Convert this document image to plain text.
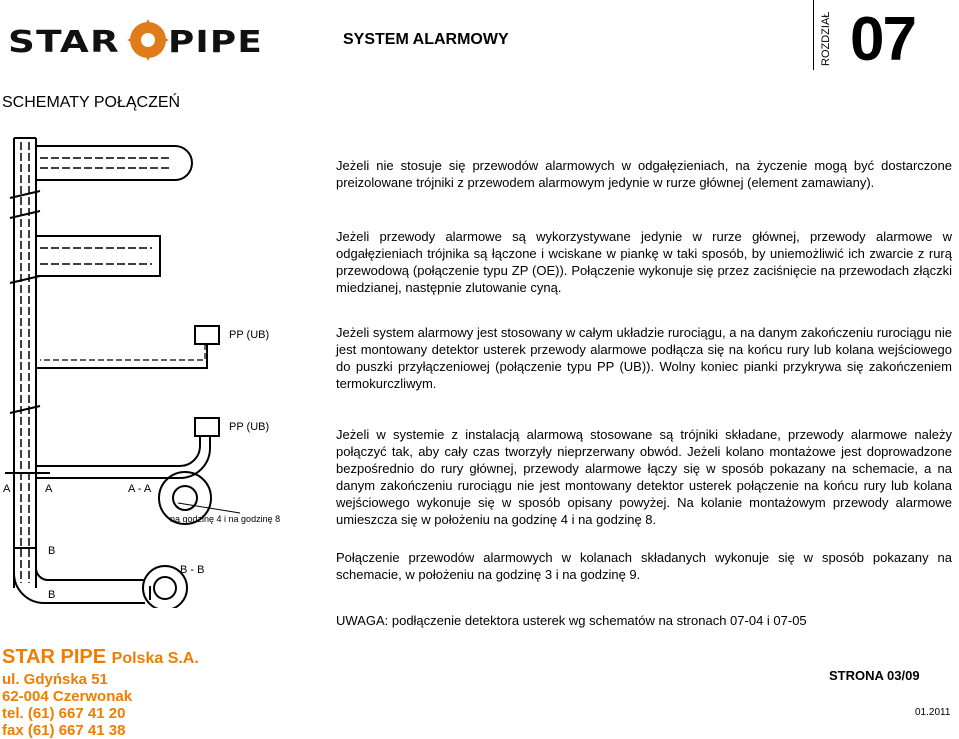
STAR PIPE	SYSTEM ALARMOWY	ROZDZIAŁ 07
SCHEMATY POŁĄCZEŃ
PP (UB)
PP (UB)
A	A	A - A
na godzinę 4 i na godzinę 8
B
B
B - B
Jeżeli nie stosuje się przewodów alarmowych w odgałęzieniach, na życzenie mogą być dostarczone preizolowane trójniki z przewodem alarmowym jedynie w rurze głównej (element zamawiany).
Jeżeli przewody alarmowe są wykorzystywane jedynie w rurze głównej, przewody alarmowe w odgałęzieniach trójnika są łączone i wciskane w piankę w taki sposób, by uniemożliwić ich zwarcie z rurą przewodową (połączenie typu ZP (OE)). Połączenie wykonuje się przez zaciśnięcie na przewodach złączki miedzianej, następnie zlutowanie cyną.
Jeżeli system alarmowy jest stosowany w całym układzie rurociągu, a na danym zakończeniu rurociągu nie jest montowany detektor usterek przewody alarmowe podłącza się na końcu rury lub kolana wejściowego do puszki przyłączeniowej (połączenie typu PP (UB)). Wolny koniec pianki przykrywa się zakończeniem termokurczliwym.
Jeżeli w systemie z instalacją alarmową stosowane są trójniki składane, przewody alarmowe należy połączyć tak, aby cały czas tworzyły nieprzerwany obwód. Jeżeli kolano montażowe jest doprowadzone bezpośrednio do rury głównej, przewody alarmowe łączy się w sposób pokazany na schemacie, a na danym zakończeniu rurociągu nie jest montowany detektor usterek połączenie na końcu rury lub kolana wejściowego wykonuje się w sposób opisany powyżej. Na kolanie montażowym przewody alarmowe umieszcza się w położeniu na godzinę 4 i na godzinę 8.
Połączenie przewodów alarmowych w kolanach składanych wykonuje się w sposób pokazany na schemacie, w położeniu na godzinę 3 i na godzinę 9.
UWAGA: podłączenie detektora usterek wg schematów na stronach 07-04 i 07-05
STAR PIPE Polska S.A.
ul. Gdyńska 51
62-004 Czerwonak
tel. (61) 667 41 20
fax (61) 667 41 38
STRONA 03/09
01.2011
